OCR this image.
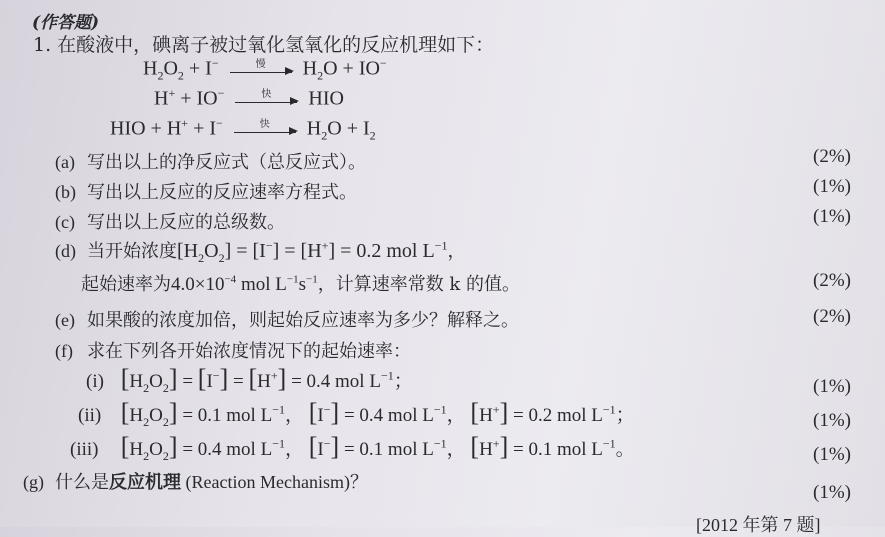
(作答题)
1. 在酸液中，碘离子被过氧化氢氧化的反应机理如下：
$H_2O_2 + I^-$	慢	$H_2O + IO^-$
H+ + IO−	快	HIO
HIO + H+ + I−	快	$H_2O + I_2$
(a) 写出以上的净反应式（总反应式）。	(2%)
(b) 写出以上反应的反应速率方程式。	(1%)
(c) 写出以上反应的总级数。	(1%)
(d) 当开始浓度$[H_2O_2] = [I^-] = [H^+] = 0.2$ mol $L^{-1}$，
起始速率为$4.0\times 10^{-4}$ mol $L^{-1}s^{-1}$，计算速率常数 k 的值。	(2%)
(e) 如果酸的浓度加倍，则起始反应速率为多少？解释之。	(2%)
(f) 求在下列各开始浓度情况下的起始速率：
(i) $[H_2O_2] = [I^-] = [H^+] = 0.4$ mol $L^{-1}$；	(1%)
(ii) $[H_2O_2] = 0.1$ mol $L^{-1}$， [I−] = 0.4 mol $L^{-1}$， [H+] = 0.2 mol $L^{-1}$；	(1%)
(iii) $[H_2O_2] = 0.4$ mol $L^{-1}$， [I−] = 0.1 mol $L^{-1}$， [H+] = 0.1 mol $L^{-1}$。	(1%)
(g) 什么是反应机理 (Reaction Mechanism)？	(1%)
[2012 年第 7 题]
